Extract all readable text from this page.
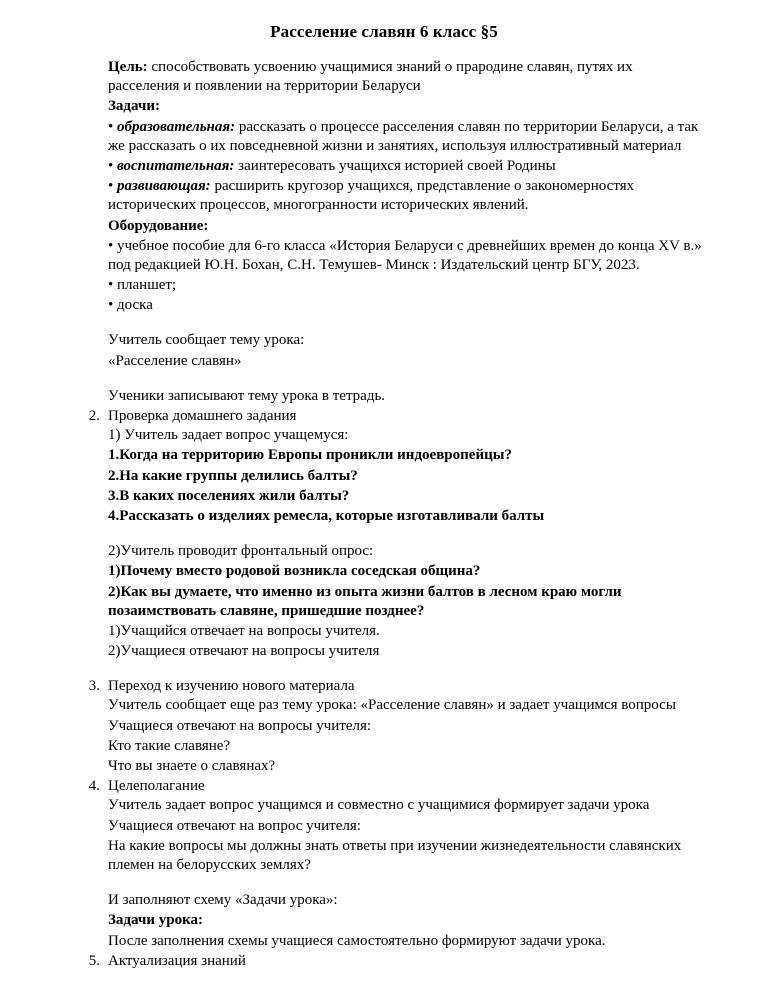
Расселение славян 6 класс §5

Цель: способствовать усвоению учащимися знаний о прародине славян, путях их расселения и появлении на территории Беларуси

Задачи:

• образовательная: рассказать о процессе расселения славян по территории Беларуси, а так же рассказать о их повседневной жизни и занятиях, используя иллюстративный материал

• воспитательная: заинтересовать учащихся историей своей Родины

• развивающая: расширить кругозор учащихся, представление о закономерностях исторических процессов, многогранности исторических явлений.

Оборудование:

• учебное пособие для 6-го класса «История Беларуси с древнейших времен до конца XV в.» под редакцией Ю.Н. Бохан, С.Н. Темушев- Минск : Издательский центр БГУ, 2023.

• планшет;

• доска

Учитель сообщает тему урока:

«Расселение славян»

Ученики записывают тему урока в тетрадь.

2. Проверка домашнего задания

1) Учитель задает вопрос учащемуся:

1.Когда на территорию Европы проникли индоевропейцы?

2.На какие группы делились балты?

3.В каких поселениях жили балты?

4.Рассказать о изделиях ремесла, которые изготавливали балты

2)Учитель проводит фронтальный опрос:

1)Почему вместо родовой возникла соседская община?

2)Как вы думаете, что именно из опыта жизни балтов в лесном краю могли позаимствовать славяне, пришедшие позднее?

1)Учащийся отвечает на вопросы учителя.

2)Учащиеся отвечают на вопросы учителя

3. Переход к изучению нового материала

Учитель сообщает еще раз тему урока: «Расселение славян» и задает учащимся вопросы

Учащиеся отвечают на вопросы учителя:

Кто такие славяне?

Что вы знаете о славянах?

4. Целеполагание

Учитель задает вопрос учащимся и совместно с учащимися формирует задачи урока

Учащиеся отвечают на вопрос учителя:

На какие вопросы мы должны знать ответы при изучении жизнедеятельности славянских племен на белорусских землях?

И заполняют схему «Задачи урока»:

Задачи урока:

После заполнения схемы учащиеся самостоятельно формируют задачи урока.

5. Актуализация знаний
